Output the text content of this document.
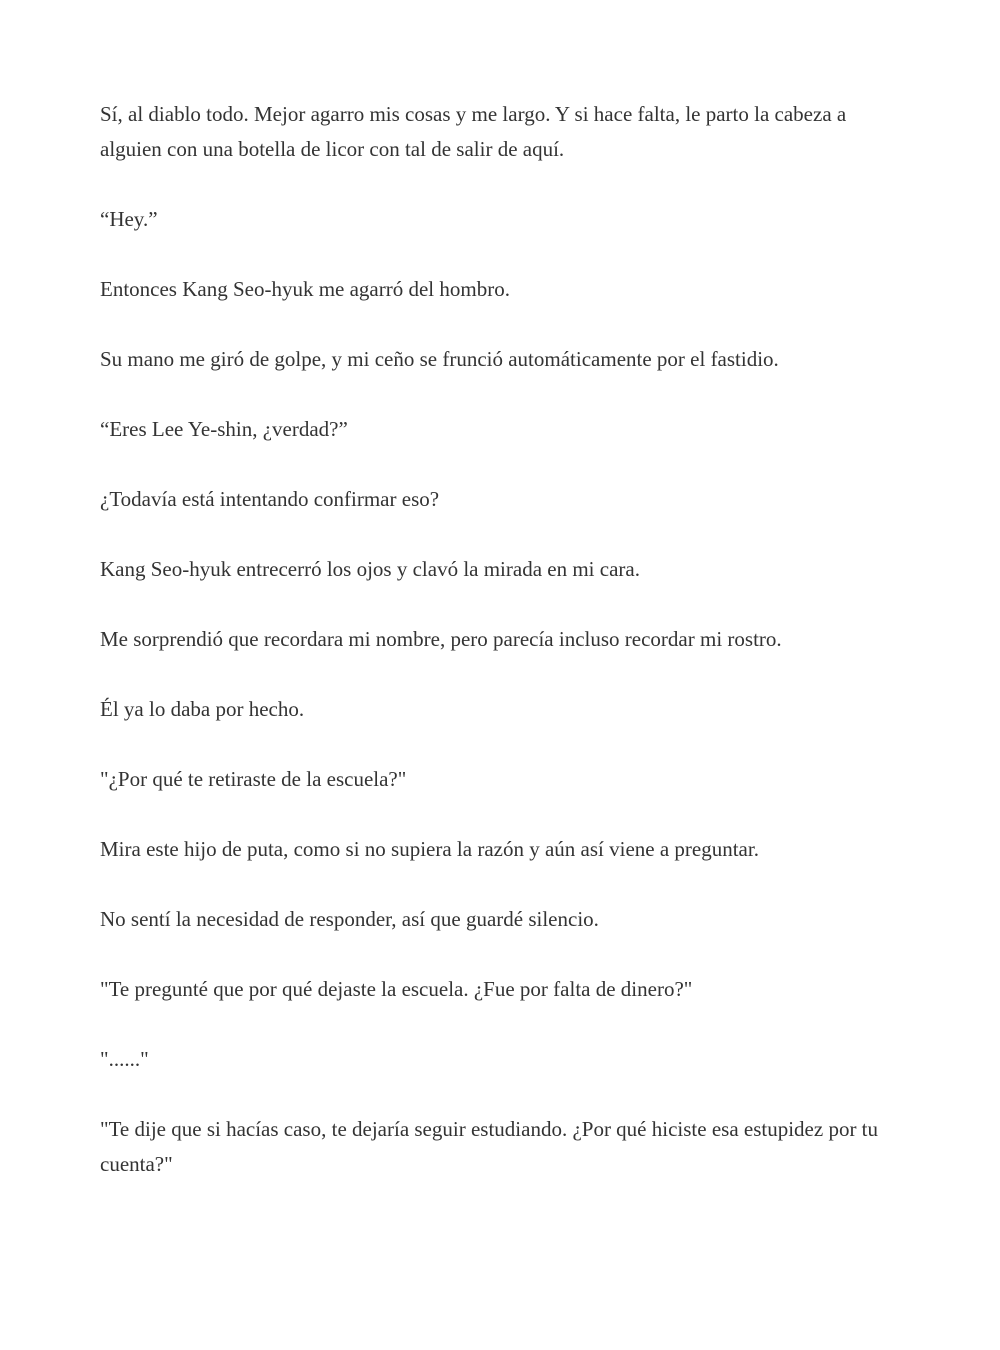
Sí, al diablo todo. Mejor agarro mis cosas y me largo. Y si hace falta, le parto la cabeza a alguien con una botella de licor con tal de salir de aquí.

“Hey.”

Entonces Kang Seo-hyuk me agarró del hombro.

Su mano me giró de golpe, y mi ceño se frunció automáticamente por el fastidio.

“Eres Lee Ye-shin, ¿verdad?”

¿Todavía está intentando confirmar eso?

Kang Seo-hyuk entrecerró los ojos y clavó la mirada en mi cara.

Me sorprendió que recordara mi nombre, pero parecía incluso recordar mi rostro.

Él ya lo daba por hecho.

"¿Por qué te retiraste de la escuela?"

Mira este hijo de puta, como si no supiera la razón y aún así viene a preguntar.

No sentí la necesidad de responder, así que guardé silencio.

"Te pregunté que por qué dejaste la escuela. ¿Fue por falta de dinero?"

"......"

"Te dije que si hacías caso, te dejaría seguir estudiando. ¿Por qué hiciste esa estupidez por tu cuenta?"
